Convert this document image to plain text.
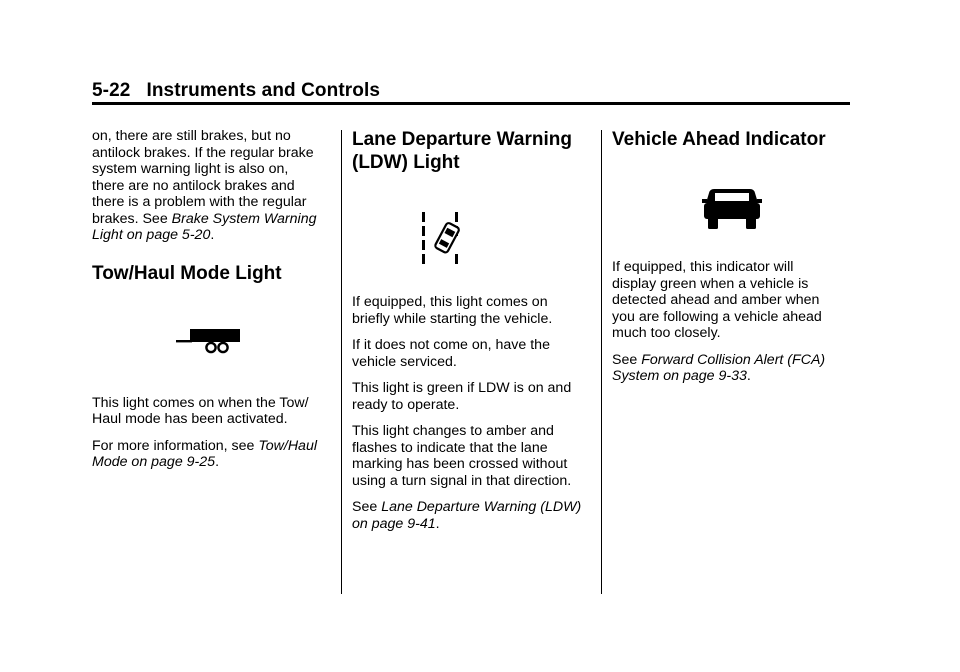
5-22 Instruments and Controls

on, there are still brakes, but no
antilock brakes. If the regular brake
system warning light is also on,
there are no antilock brakes and
there is a problem with the regular
brakes. See Brake System Warning
Light on page 5-20.

Tow/Haul Mode Light

This light comes on when the Tow/
Haul mode has been activated.

For more information, see Tow/Haul
Mode on page 9-25.

Lane Departure Warning
(LDW) Light

If equipped, this light comes on
briefly while starting the vehicle.

If it does not come on, have the
vehicle serviced.

This light is green if LDW is on and
ready to operate.

This light changes to amber and
flashes to indicate that the lane
marking has been crossed without
using a turn signal in that direction.

See Lane Departure Warning (LDW)
on page 9-41.

Vehicle Ahead Indicator

If equipped, this indicator will
display green when a vehicle is
detected ahead and amber when
you are following a vehicle ahead
much too closely.

See Forward Collision Alert (FCA)
System on page 9-33.
